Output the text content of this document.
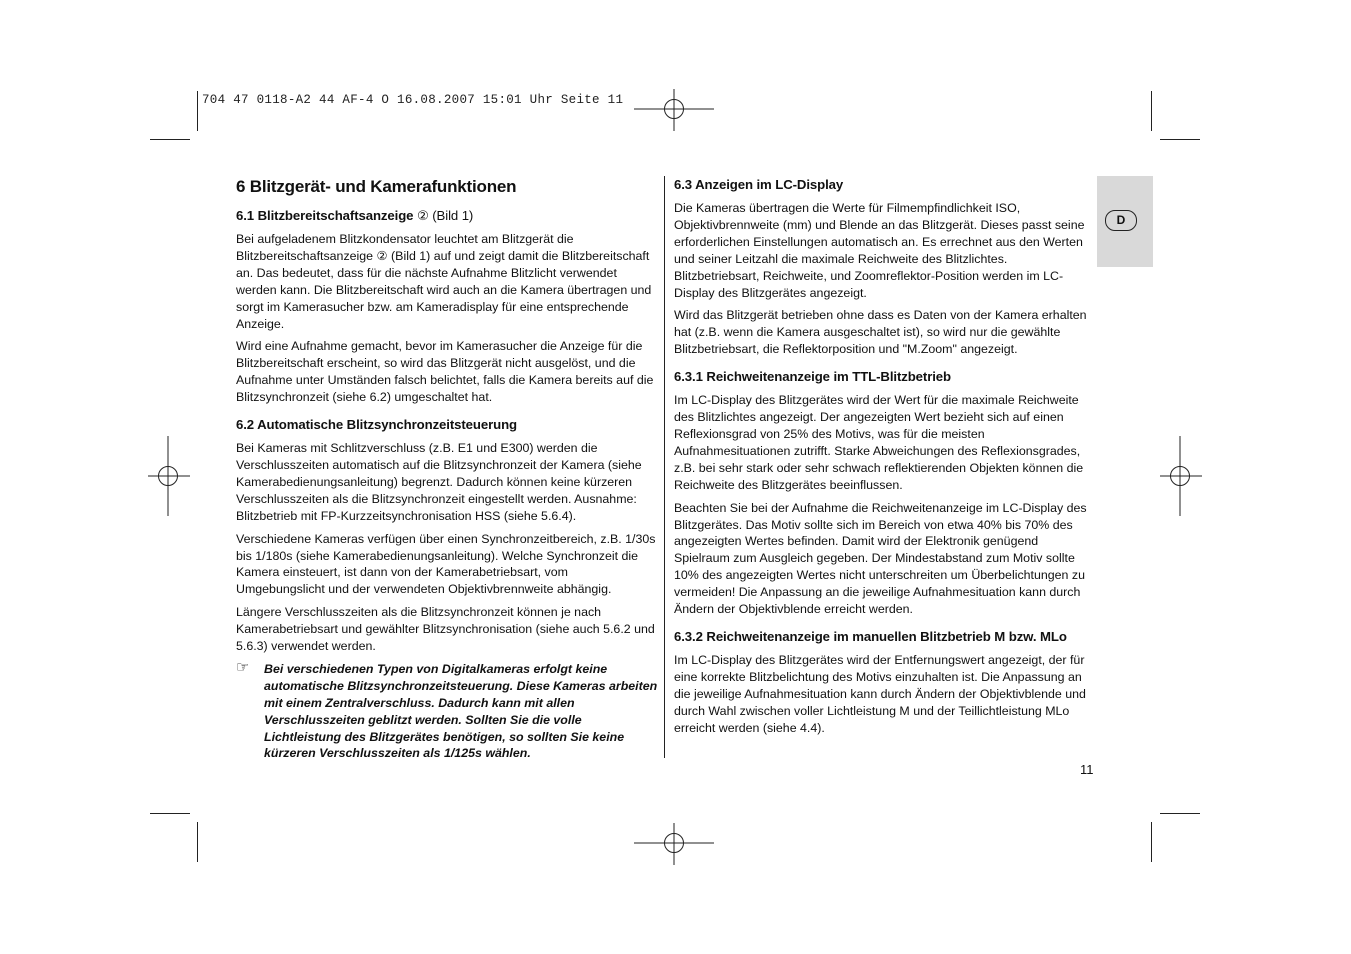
704 47 0118-A2 44 AF-4 O 16.08.2007 15:01 Uhr Seite 11
D
6 Blitzgerät- und Kamerafunktionen
6.1 Blitzbereitschaftsanzeige ② (Bild 1)

Bei aufgeladenem Blitzkondensator leuchtet am Blitzgerät die Blitzbereitschaftsanzeige ② (Bild 1) auf und zeigt damit die Blitzbereitschaft an. Das bedeutet, dass für die nächste Aufnahme Blitzlicht verwendet werden kann. Die Blitzbereitschaft wird auch an die Kamera übertragen und sorgt im Kamerasucher bzw. am Kameradisplay für eine entsprechende Anzeige.

Wird eine Aufnahme gemacht, bevor im Kamerasucher die Anzeige für die Blitzbereitschaft erscheint, so wird das Blitzgerät nicht ausgelöst, und die Aufnahme unter Umständen falsch belichtet, falls die Kamera bereits auf die Blitzsynchronzeit (siehe 6.2) umgeschaltet hat.

6.2 Automatische Blitzsynchronzeitsteuerung

Bei Kameras mit Schlitzverschluss (z.B. E1 und E300) werden die Verschlusszeiten automatisch auf die Blitzsynchronzeit der Kamera (siehe Kamerabedienungsanleitung) begrenzt. Dadurch können keine kürzeren Verschlusszeiten als die Blitzsynchronzeit eingestellt werden. Ausnahme: Blitzbetrieb mit FP-Kurzzeitsynchronisation HSS (siehe 5.6.4).

Verschiedene Kameras verfügen über einen Synchronzeitbereich, z.B. 1/30s bis 1/180s (siehe Kamerabedienungsanleitung). Welche Synchronzeit die Kamera einsteuert, ist dann von der Kamerabetriebsart, vom Umgebungslicht und der verwendeten Objektivbrennweite abhängig.

Längere Verschlusszeiten als die Blitzsynchronzeit können je nach Kamerabetriebsart und gewählter Blitzsynchronisation (siehe auch 5.6.2 und 5.6.3) verwendet werden.

☞ Bei verschiedenen Typen von Digitalkameras erfolgt keine automatische Blitzsynchronzeitsteuerung. Diese Kameras arbeiten mit einem Zentralverschluss. Dadurch kann mit allen Verschlusszeiten geblitzt werden. Sollten Sie die volle Lichtleistung des Blitzgerätes benötigen, so sollten Sie keine kürzeren Verschlusszeiten als 1/125s wählen.
6.3 Anzeigen im LC-Display

Die Kameras übertragen die Werte für Filmempfindlichkeit ISO, Objektivbrennweite (mm) und Blende an das Blitzgerät. Dieses passt seine erforderlichen Einstellungen automatisch an. Es errechnet aus den Werten und seiner Leitzahl die maximale Reichweite des Blitzlichtes. Blitzbetriebsart, Reichweite, und Zoomreflektor-Position werden im LC-Display des Blitzgerätes angezeigt.

Wird das Blitzgerät betrieben ohne dass es Daten von der Kamera erhalten hat (z.B. wenn die Kamera ausgeschaltet ist), so wird nur die gewählte Blitzbetriebsart, die Reflektorposition und "M.Zoom" angezeigt.

6.3.1 Reichweitenanzeige im TTL-Blitzbetrieb

Im LC-Display des Blitzgerätes wird der Wert für die maximale Reichweite des Blitzlichtes angezeigt. Der angezeigten Wert bezieht sich auf einen Reflexionsgrad von 25% des Motivs, was für die meisten Aufnahmesituationen zutrifft. Starke Abweichungen des Reflexionsgrades, z.B. bei sehr stark oder sehr schwach reflektierenden Objekten können die Reichweite des Blitzgerätes beeinflussen.

Beachten Sie bei der Aufnahme die Reichweitenanzeige im LC-Display des Blitzgerätes. Das Motiv sollte sich im Bereich von etwa 40% bis 70% des angezeigten Wertes befinden. Damit wird der Elektronik genügend Spielraum zum Ausgleich gegeben. Der Mindestabstand zum Motiv sollte 10% des angezeigten Wertes nicht unterschreiten um Überbelichtungen zu vermeiden! Die Anpassung an die jeweilige Aufnahmesituation kann durch Ändern der Objektivblende erreicht werden.

6.3.2 Reichweitenanzeige im manuellen Blitzbetrieb M bzw. MLo

Im LC-Display des Blitzgerätes wird der Entfernungswert angezeigt, der für eine korrekte Blitzbelichtung des Motivs einzuhalten ist. Die Anpassung an die jeweilige Aufnahmesituation kann durch Ändern der Objektivblende und durch Wahl zwischen voller Lichtleistung M und der Teillichtleistung MLo erreicht werden (siehe 4.4).

11
